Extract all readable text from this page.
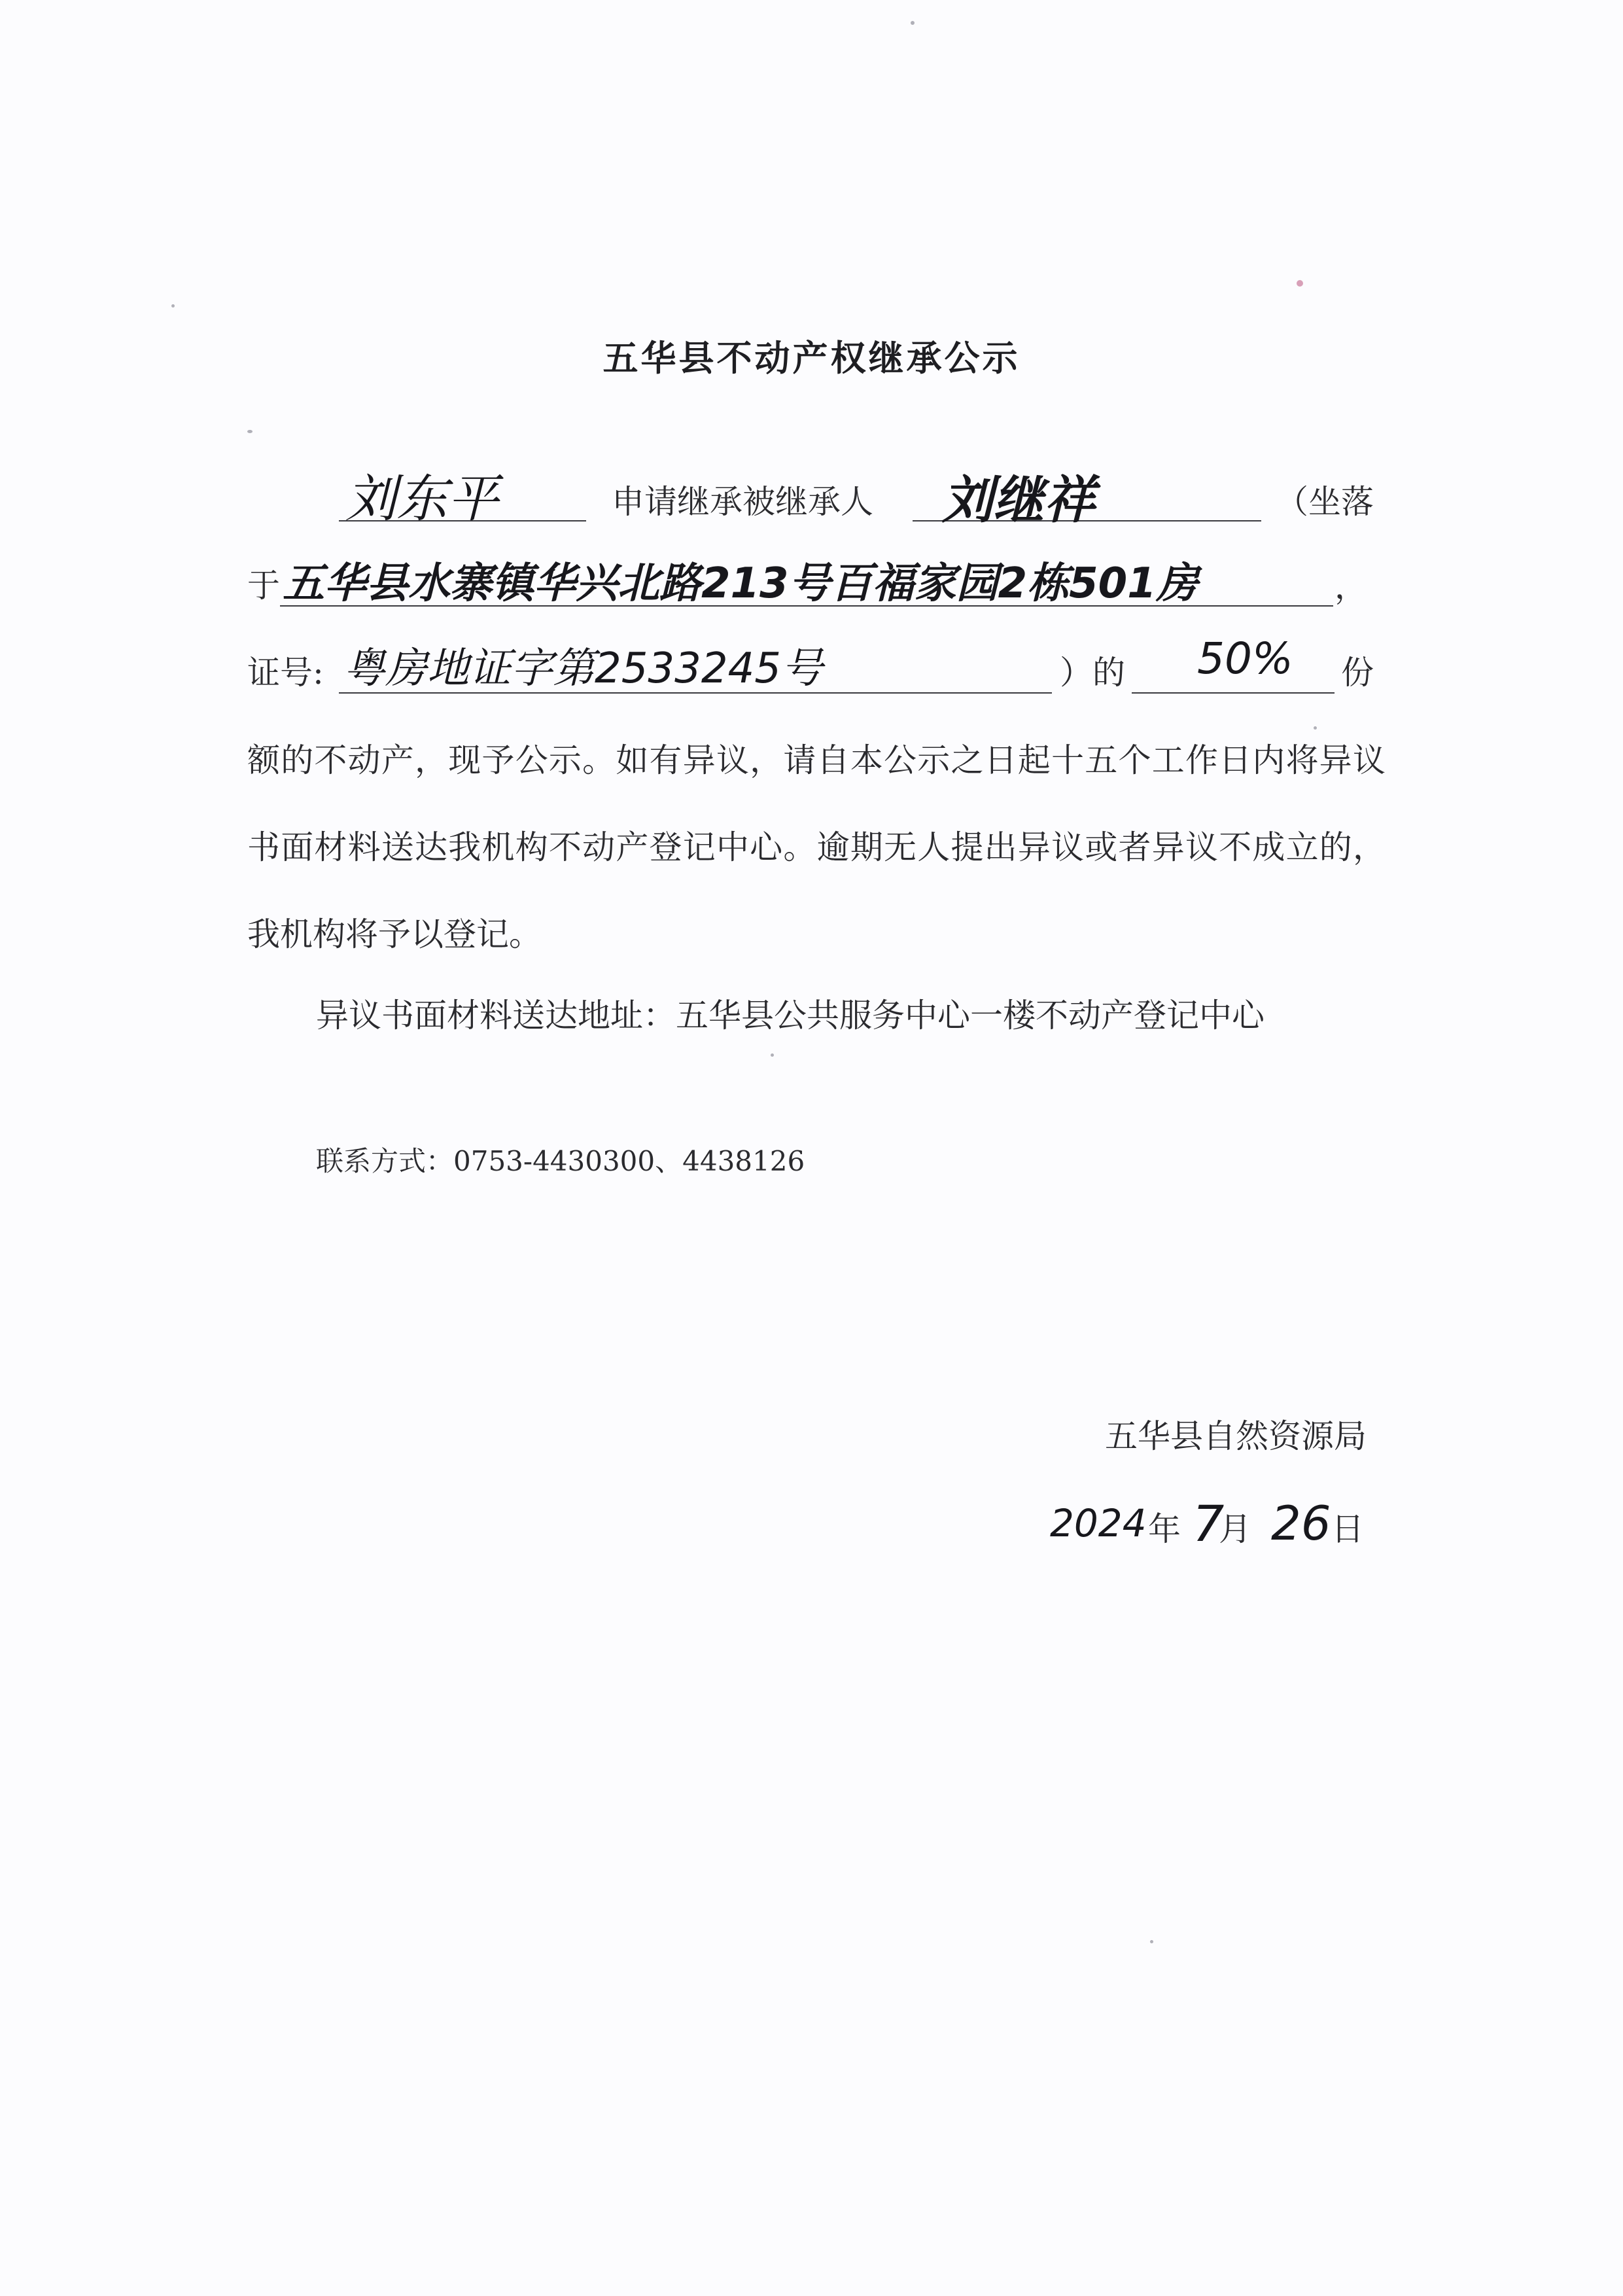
五华县不动产权继承公示
刘东平	申请继承被继承人 刘继祥	（坐落
于 五华县水寨镇华兴北路213号百福家园2栋501房	，
证号: 粤房地证字第2533245号	）的 50% 份
额的不动产，现予公示。如有异议，请自本公示之日起十五个工作日内将异议书面材料送达我机构不动产登记中心。逾期无人提出异议或者异议不成立的，我机构将予以登记。
异议书面材料送达地址：五华县公共服务中心一楼不动产登记中心
联系方式：0753-4430300、4438126
五华县自然资源局
2024 年 7
月 26 日
